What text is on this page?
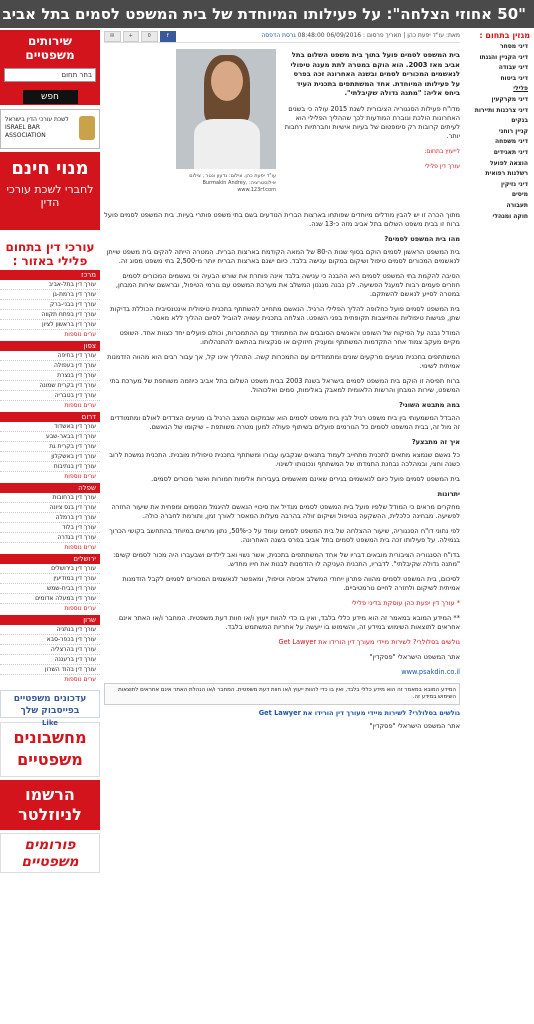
"50 אחוזי הצלחה": על פעילותו המיוחדת של בית המשפט לסמים בתל אביב
שירותים משפטיים
בחר תחום
חפש
לשכת עורכי הדין בישראל ISRAEL BAR ASSOCIATION
מנוי חינם
לחברי לשכת עורכי הדין
עורכי דין בתחום פלילי באזור :
מרכז
עורך דין בתל-אביב
עורך דין ברמת-גן
עורך דין בבני-ברק
עורך דין בפתח תקווה
עורך דין בראשון לציון
ערים נוספות
צפון
עורך דין בחיפה
עורך דין בעפולה
עורך דין בנצרת
עורך דין בקרית שמונה
עורך דין בטבריה
ערים נוספות
דרום
עורך דין באשדוד
עורך דין בבאר-שבע
עורך דין בקרית גת
עורך דין באשקלון
עורך דין בנתיבות
ערים נוספות
שפלה
עורך דין ברחובות
עורך דין בנס ציונה
עורך דין ברמלה
עורך דין בלוד
עורך דין בגדרה
ערים נוספות
ירושלים
עורך דין בירושלים
עורך דין במודיעין
עורך דין בבית-שמש
עורך דין במעלה אדומים
ערים נוספות
שרון
עורך דין בנתניה
עורך דין בכפר-סבא
עורך דין בהרצליה
עורך דין ברעננה
עורך דין בהוד השרון
ערים נוספות
עדכונים משפטיים בפייסבוק שלך
Like
מחשבונים
משפטיים
הרשמו
לניוזלטר
פורומים
משפטיים
מגזין בתחום :
דיני מסחר
דיני הקניין והגנתו
דיני עבודה
דיני ביטוח
פלילי
דיני מקרקעין
דיני צרכנות ותיירות
בנקים
קניין רוחני
דיני משפחה
דיני תאגידים
הוצאה לפועל
רשלנות רפואית
דיני נזיקין
מיסים
תעבורה
חוקה ומנהלי
מאת: עו"ד יפעת כהן | תאריך פרסום : 06/09/2016 08:48:00 גרסת הדפסה
f
0
+
✉
עו"ד יפעת כהן. צילום: גדעון ונטר , צילום אילוסטרציה: Burmakin Andrey, www.123rf.com

בית המשפט לסמים פועל בתוך בית משפט השלום בתל אביב מאז 2003. הוא הוקם במטרה לתת מענה טיפולי לנאשמים המכורים לסמים ובשנה האחרונה זכה בפרס על פעילותו המיוחדת. אחד המשתתפים בתכנית העיד ביחס אליה: "מתנה גדולה שקיבלתי".

מדו"ח פעילות הסנגוריה הציבורית לשנת 2015 עולה כי בשנים האחרונות הולכת וגוברת המודעות לכך שההליך הפלילי הוא לעיתים קרובות רק סימפטום של בעיות אישיות וחברתיות רחבות יותר.

לייעוץ בתחום:

עורך דין פלילי

מתוך הכרה זו יש להבין מודלים מיוחדים שפותחו בארצות הברית הנודעים בשם בתי משפט פותרי בעיות. בית המשפט לסמים פועל ברוח זו בבית משפט השלום בתל אביב מזה כ-13 שנה.

מהו בית המשפט לסמים?

בית המשפט הראשון לסמים הוקם בסוף שנות ה-80 של המאה הקודמת בארצות הברית. המטרה הייתה להקים בית משפט שייתן לנאשמים המכורים לסמים טיפול ושיקום במקום ענישה בלבד. כיום ישנם בארצות הברית יותר מ-2,500 בתי משפט מסוג זה.

הסיבה להקמת בתי המשפט לסמים היא ההבנה כי ענישה בלבד אינה פותרת את שורש הבעיה וכי נאשמים המכורים לסמים חוזרים פעמים רבות למעגל הפשיעה. לכן נבנה מנגנון המשלב את מערכת המשפט עם גורמי הטיפול, ובראשם שירות המבחן, במטרה לסייע לנאשם להשתקם.

בית המשפט לסמים פועל כחלופה להליך הפלילי הרגיל. הנאשם מתחייב להשתתף בתכנית טיפולית אינטנסיבית הכוללת בדיקות שתן, פגישות טיפוליות והתייצבות תקופתית בפני השופט. הצלחה בתכנית עשויה להוביל לסיום ההליך ללא מאסר.

המודל נבנה על הפיקוח של השופט והאנשים הסובבים את המתמודד עם ההתמכרות, וכולם פועלים יחד כצוות אחד. השופט מקיים מעקב צמוד אחר התקדמות המשתתף ומעניק חיזוקים או סנקציות בהתאם להתנהלותו.

המשתתפים בתכנית מגיעים מרקעים שונים ומתמודדים עם התמכרות קשה. התהליך אינו קל, אך עבור רבים הוא מהווה הזדמנות אמיתית לשינוי.

ברוח תפיסה זו הוקם בית המשפט לסמים בישראל בשנת 2003 בבית משפט השלום בתל אביב כיוזמה משותפת של מערכת בתי המשפט, שירות המבחן והרשות הלאומית למאבק באלימות, סמים ואלכוהול.

במה מתבטא השוני?

ההבדל המשמעותי בין בית משפט רגיל לבין בית משפט לסמים הוא שבמקום המצב הרגיל בו מגיעים הצדדים לאולם ומתמודדים זה מול זה, בבית המשפט לסמים כל הגורמים פועלים בשיתוף פעולה למען מטרה משותפת – שיקומו של הנאשם.

איך זה מתבצע?

כל נאשם שנמצא מתאים לתכנית מתחייב לעמוד בתנאים שנקבעו עבורו ומשתתף בתכנית טיפולית מובנית. התכנית נמשכת לרוב כשנה וחצי, ובמהלכה נבחנת התמדתו של המשתתף ונכונותו לשינוי.

בית המשפט לסמים פועל כיום לנאשמים בגירים שאינם מואשמים בעבירות אלימות חמורות ואשר מכורים לסמים.

יתרונות

מחקרים מראים כי המודל שלפיו פועל בית המשפט לסמים מגדיל את סיכויי הנאשם להיגמל מהסמים ומפחית את שיעור החזרה לפשיעה. מבחינה כלכלית, ההשקעה בטיפול ושיקום זולה בהרבה מעלות המאסר לאורך זמן, ותורמת לחברה כולה.

לפי נתוני דו"ח הסנגוריה, שיעור ההצלחה של בית המשפט לסמים עומד על כ-50%, נתון מרשים במיוחד בהתחשב בקושי הכרוך בגמילה. על פעילותו זכה בית המשפט לסמים בתל אביב בפרס בשנה האחרונה.

בדו"ח הסנגוריה הציבורית מובאים דבריו של אחד המשתתפים בתכנית, אשר נשוי ואב לילדים ושבעברו היה מכור לסמים קשים: "מתנה גדולה שקיבלתי". לדבריו, התכנית העניקה לו הזדמנות לבנות את חייו מחדש.

לסיכום, בית המשפט לסמים מהווה פתרון ייחודי המשלב אכיפה וטיפול, ומאפשר לנאשמים המכורים לסמים לקבל הזדמנות אמיתית לשיקום ולחזרה לחיים נורמטיביים.

* עורך דין יפעת כהן עוסקת בדיני פלילי

** המידע המובא במאמר זה הוא מידע כללי בלבד, ואין בו כדי להוות ייעוץ ו/או חוות דעת משפטית. המחבר ו/או האתר אינם אחראים לתוצאות השימוש במידע זה, והשימוש בו ייעשה על אחריות המשתמש בלבד.

גולשים בסלולרי? לשירות מיידי מעורך דין הורידו את Get Lawyer

אתר המשפט הישראלי "פסקדין"

www.psakdin.co.il

המידע המובא במאמר זה הוא מידע כללי בלבד, ואין בו כדי להוות ייעוץ ו/או חוות דעת משפטית. המחבר ו/או הנהלת האתר אינם אחראים לתוצאות השימוש במידע זה.

גולשים בסלולרי? לשירות מיידי מעורך דין הורידו את Get Lawyer

אתר המשפט הישראלי "פסקדין"
